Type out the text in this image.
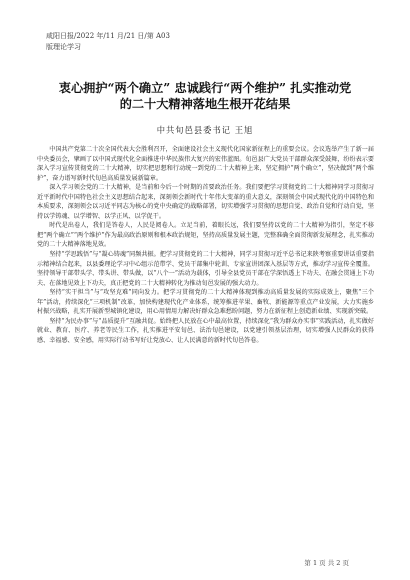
咸阳日报/2022 年/11 月/21 日/第 A03
版理论学习
衷心拥护“两个确立” 忠诚践行“两个维护” 扎实推动党
的二十大精神落地生根开花结果
中共旬邑县委书记 王旭

中国共产党第二十次全国代表大会胜利召开，全面建设社会主义现代化国家新征程上的重要会议。会议选举产生了新一届中央委员会，擘画了以中国式现代化全面推进中华民族伟大复兴的宏伟蓝图。旬邑县广大党员干部群众深受鼓舞，纷纷表示要深入学习宣传贯彻党的二十大精神，切实把思想和行动统一到党的二十大精神上来，坚定拥护“两个确立”，坚决做到“两个维护”，奋力谱写新时代旬邑高质量发展新篇章。

深入学习领会党的二十大精神，是当前和今后一个时期的首要政治任务。我们要把学习贯彻党的二十大精神同学习贯彻习近平新时代中国特色社会主义思想结合起来，深刻领会新时代十年伟大变革的重大意义，深刻领会中国式现代化的中国特色和本质要求，深刻领会以习近平同志为核心的党中央确定的战略部署，切实增强学习贯彻的思想自觉、政治自觉和行动自觉，坚持以学铸魂、以学增智、以学正风、以学促干。

时代是出卷人，我们是答卷人，人民是阅卷人。立足当前，着眼长远，我们要坚持以党的二十大精神为指引，坚定不移把“两个确立”“两个维护”作为最高政治原则和根本政治规矩，坚持高质量发展主题，完整准确全面贯彻新发展理念，扎实推动党的二十大精神落地见效。

坚持“学思践悟”与“凝心铸魂”同频共振。把学习贯彻党的二十大精神，同学习贯彻习近平总书记来陕考察重要讲话重要指示精神结合起来，以县委理论学习中心组示范带学、党员干部集中轮训、专家宣讲团深入基层等方式，推动学习宣传全覆盖。坚持领导干部带头学、带头讲、带头做，以“八个一”活动为载体，引导全县党员干部在学深悟透上下功夫、在融会贯通上下功夫、在落地见效上下功夫，真正把党的二十大精神转化为推动旬邑发展的强大动力。

坚持“实干担当”与“攻坚克难”同向发力。把学习贯彻党的二十大精神体现到推动高质量发展的实际成效上，聚焦“三个年”活动，持续深化“三项机制”改革，加快构建现代化产业体系，统筹推进苹果、畜牧、新能源等重点产业发展，大力实施乡村振兴战略，扎实开展新型城镇化建设，用心用情用力解决好群众急难愁盼问题，努力在新征程上创造新业绩、实现新突破。

坚持“为民办事”与“品质提升”互融共促。始终把人民放在心中最高位置，持续深化“我为群众办实事”实践活动，扎实做好就业、教育、医疗、养老等民生工作，扎实推进平安旬邑、法治旬邑建设，以党建引领基层治理，切实增强人民群众的获得感、幸福感、安全感，用实际行动书写好让党放心、让人民满意的新时代旬邑答卷。

第 1 页 共 2 页
